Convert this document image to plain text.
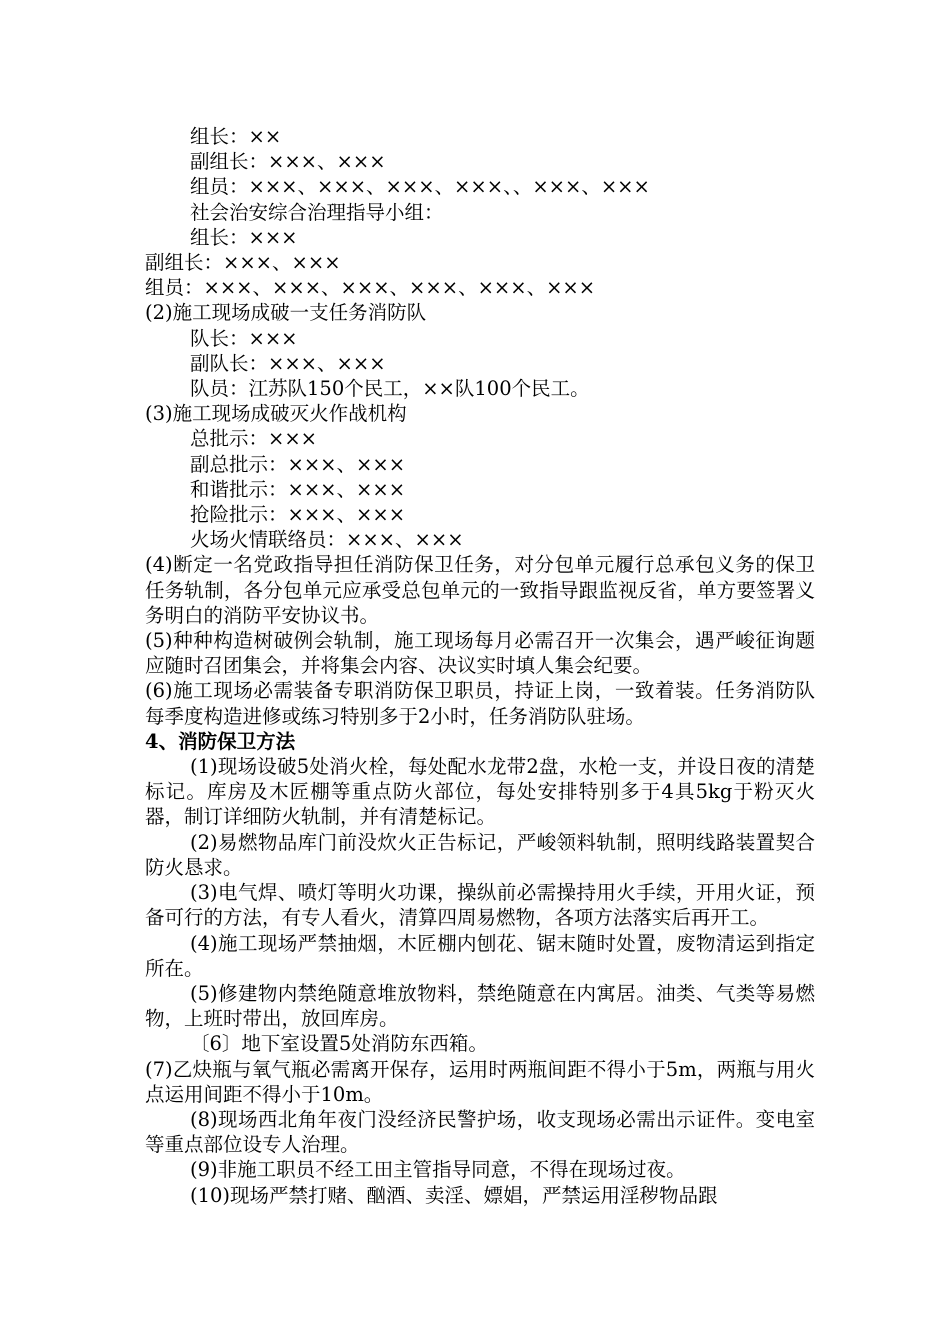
组长：××
副组长：×××、×××
组员：×××、×××、×××、×××、、×××、×××
社会治安综合治理指导小组：
组长：×××
副组长：×××、×××
组员：×××、×××、×××、×××、×××、×××
(2)施工现场成破一支任务消防队
队长：×××
副队长：×××、×××
队员：江苏队150个民工，××队100个民工。
(3)施工现场成破灭火作战机构
总批示：×××
副总批示：×××、×××
和谐批示：×××、×××
抢险批示：×××、×××
火场火情联络员：×××、×××
(4)断定一名党政指导担任消防保卫任务，对分包单元履行总承包义务的保卫任务轨制，各分包单元应承受总包单元的一致指导跟监视反省，单方要签署义务明白的消防平安协议书。
(5)种种构造树破例会轨制，施工现场每月必需召开一次集会，遇严峻征询题应随时召团集会，并将集会内容、决议实时填人集会纪要。
(6)施工现场必需装备专职消防保卫职员，持证上岗，一致着装。任务消防队每季度构造进修或练习特别多于2小时，任务消防队驻场。
4、消防保卫方法
(1)现场设破5处消火栓，每处配水龙带2盘，水枪一支，并设日夜的清楚标记。库房及木匠棚等重点防火部位，每处安排特别多于4具5kg于粉灭火器，制订详细防火轨制，并有清楚标记。
(2)易燃物品库门前没炊火正告标记，严峻领料轨制，照明线路装置契合防火恳求。
(3)电气焊、喷灯等明火功课，操纵前必需操持用火手续，开用火证，预备可行的方法，有专人看火，清算四周易燃物，各项方法落实后再开工。
(4)施工现场严禁抽烟，木匠棚内刨花、锯末随时处置，废物清运到指定所在。
(5)修建物内禁绝随意堆放物料，禁绝随意在内寓居。油类、气类等易燃物，上班时带出，放回库房。
〔6〕地下室设置5处消防东西箱。
(7)乙炔瓶与氧气瓶必需离开保存，运用时两瓶间距不得小于5m，两瓶与用火点运用间距不得小于10m。
(8)现场西北角年夜门没经济民警护场，收支现场必需出示证件。变电室等重点部位设专人治理。
(9)非施工职员不经工田主管指导同意，不得在现场过夜。
(10)现场严禁打赌、酗酒、卖淫、嫖娼，严禁运用淫秽物品跟
